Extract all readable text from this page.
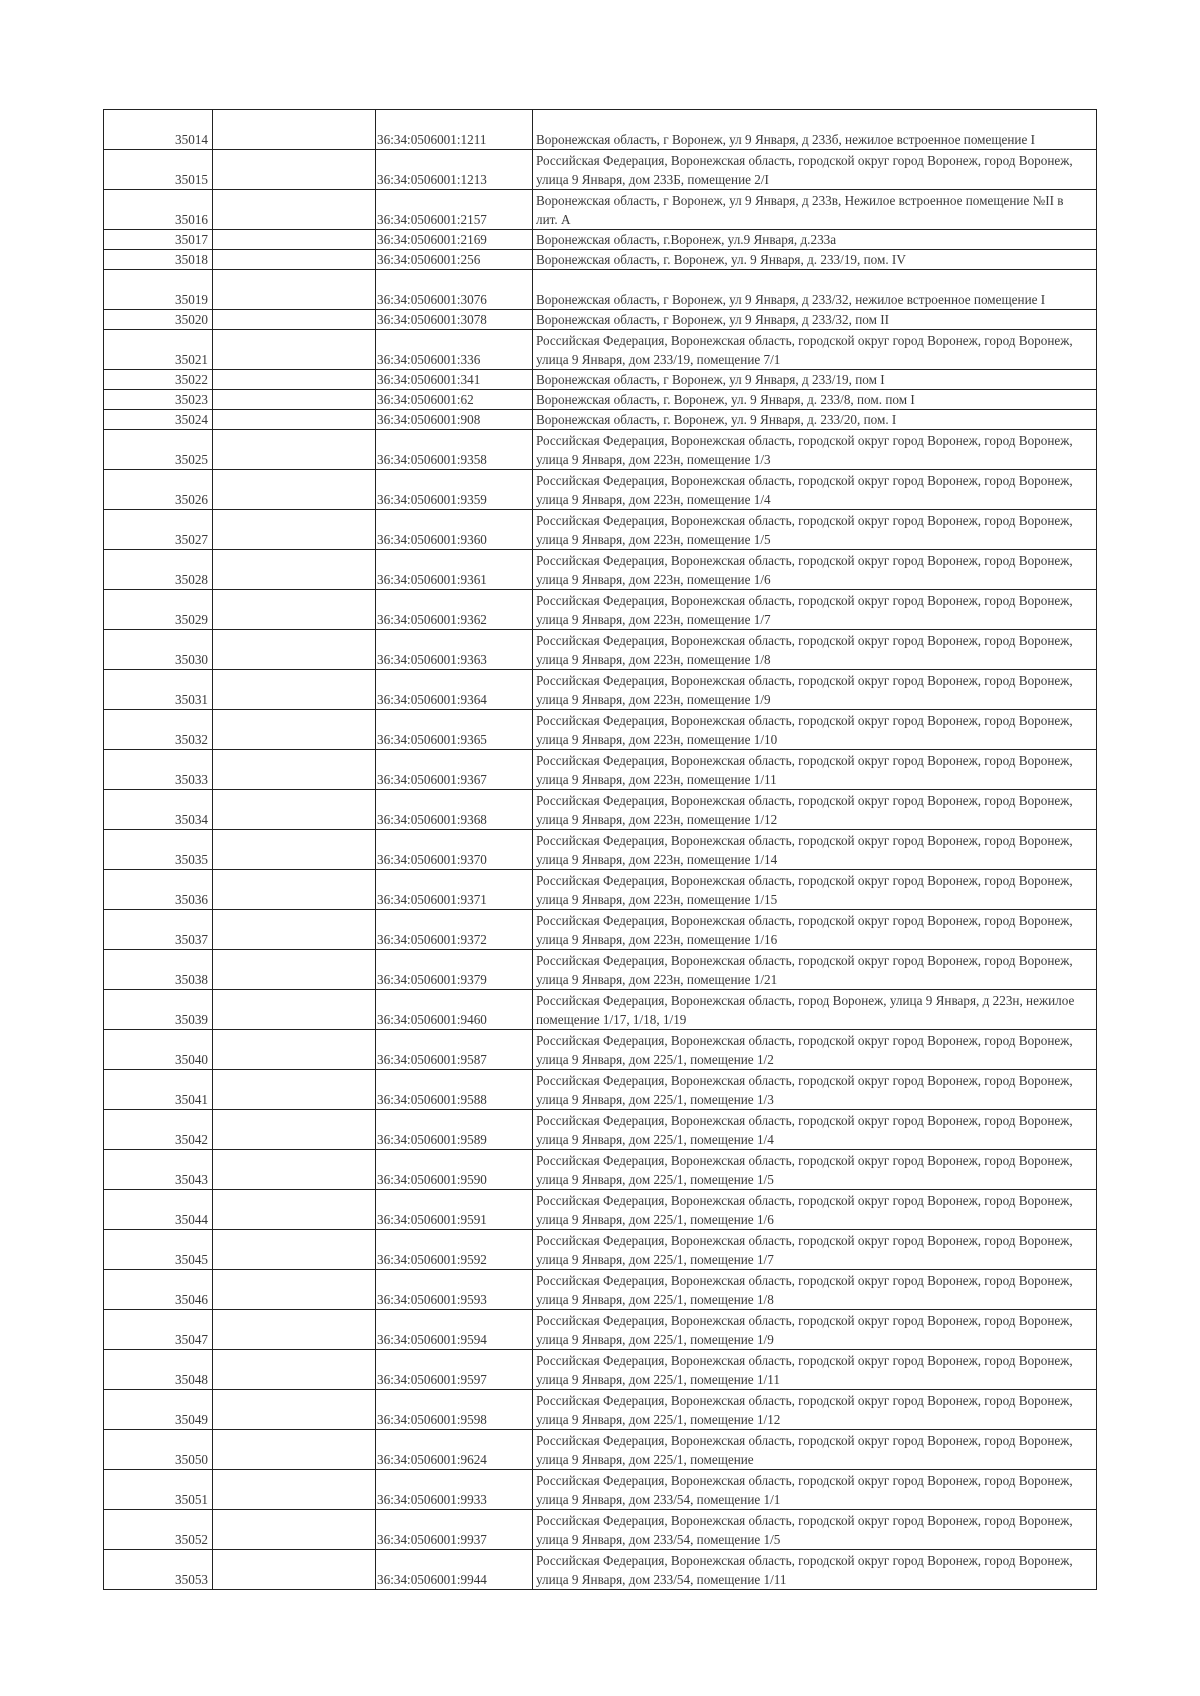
35014		36:34:0506001:1211	Воронежская область, г Воронеж, ул 9 Января, д 233б, нежилое встроенное помещение I
35015		36:34:0506001:1213	Российская Федерация, Воронежская область, городской округ город Воронеж, город Воронеж, улица 9 Января, дом 233Б, помещение 2/I
35016		36:34:0506001:2157	Воронежская область, г Воронеж, ул 9 Января, д 233в, Нежилое встроенное помещение №II в лит. А
35017		36:34:0506001:2169	Воронежская область, г.Воронеж, ул.9 Января, д.233а
35018		36:34:0506001:256	Воронежская область, г. Воронеж, ул. 9 Января, д. 233/19, пом. IV
35019		36:34:0506001:3076	Воронежская область, г Воронеж, ул 9 Января, д 233/32, нежилое встроенное помещение I
35020		36:34:0506001:3078	Воронежская область, г Воронеж, ул 9 Января, д 233/32, пом II
35021		36:34:0506001:336	Российская Федерация, Воронежская область, городской округ город Воронеж, город Воронеж, улица 9 Января, дом 233/19, помещение 7/1
35022		36:34:0506001:341	Воронежская область, г Воронеж, ул 9 Января, д 233/19, пом I
35023		36:34:0506001:62	Воронежская область, г. Воронеж, ул. 9 Января, д. 233/8, пом. пом I
35024		36:34:0506001:908	Воронежская область, г. Воронеж, ул. 9 Января, д. 233/20, пом. I
35025		36:34:0506001:9358	Российская Федерация, Воронежская область, городской округ город Воронеж, город Воронеж, улица 9 Января, дом 223н, помещение 1/3
35026		36:34:0506001:9359	Российская Федерация, Воронежская область, городской округ город Воронеж, город Воронеж, улица 9 Января, дом 223н, помещение 1/4
35027		36:34:0506001:9360	Российская Федерация, Воронежская область, городской округ город Воронеж, город Воронеж, улица 9 Января, дом 223н, помещение 1/5
35028		36:34:0506001:9361	Российская Федерация, Воронежская область, городской округ город Воронеж, город Воронеж, улица 9 Января, дом 223н, помещение 1/6
35029		36:34:0506001:9362	Российская Федерация, Воронежская область, городской округ город Воронеж, город Воронеж, улица 9 Января, дом 223н, помещение 1/7
35030		36:34:0506001:9363	Российская Федерация, Воронежская область, городской округ город Воронеж, город Воронеж, улица 9 Января, дом 223н, помещение 1/8
35031		36:34:0506001:9364	Российская Федерация, Воронежская область, городской округ город Воронеж, город Воронеж, улица 9 Января, дом 223н, помещение 1/9
35032		36:34:0506001:9365	Российская Федерация, Воронежская область, городской округ город Воронеж, город Воронеж, улица 9 Января, дом 223н, помещение 1/10
35033		36:34:0506001:9367	Российская Федерация, Воронежская область, городской округ город Воронеж, город Воронеж, улица 9 Января, дом 223н, помещение 1/11
35034		36:34:0506001:9368	Российская Федерация, Воронежская область, городской округ город Воронеж, город Воронеж, улица 9 Января, дом 223н, помещение 1/12
35035		36:34:0506001:9370	Российская Федерация, Воронежская область, городской округ город Воронеж, город Воронеж, улица 9 Января, дом 223н, помещение 1/14
35036		36:34:0506001:9371	Российская Федерация, Воронежская область, городской округ город Воронеж, город Воронеж, улица 9 Января, дом 223н, помещение 1/15
35037		36:34:0506001:9372	Российская Федерация, Воронежская область, городской округ город Воронеж, город Воронеж, улица 9 Января, дом 223н, помещение 1/16
35038		36:34:0506001:9379	Российская Федерация, Воронежская область, городской округ город Воронеж, город Воронеж, улица 9 Января, дом 223н, помещение 1/21
35039		36:34:0506001:9460	Российская Федерация, Воронежская область, город Воронеж, улица 9 Января, д 223н, нежилое помещение 1/17, 1/18, 1/19
35040		36:34:0506001:9587	Российская Федерация, Воронежская область, городской округ город Воронеж, город Воронеж, улица 9 Января, дом 225/1, помещение 1/2
35041		36:34:0506001:9588	Российская Федерация, Воронежская область, городской округ город Воронеж, город Воронеж, улица 9 Января, дом 225/1, помещение 1/3
35042		36:34:0506001:9589	Российская Федерация, Воронежская область, городской округ город Воронеж, город Воронеж, улица 9 Января, дом 225/1, помещение 1/4
35043		36:34:0506001:9590	Российская Федерация, Воронежская область, городской округ город Воронеж, город Воронеж, улица 9 Января, дом 225/1, помещение 1/5
35044		36:34:0506001:9591	Российская Федерация, Воронежская область, городской округ город Воронеж, город Воронеж, улица 9 Января, дом 225/1, помещение 1/6
35045		36:34:0506001:9592	Российская Федерация, Воронежская область, городской округ город Воронеж, город Воронеж, улица 9 Января, дом 225/1, помещение 1/7
35046		36:34:0506001:9593	Российская Федерация, Воронежская область, городской округ город Воронеж, город Воронеж, улица 9 Января, дом 225/1, помещение 1/8
35047		36:34:0506001:9594	Российская Федерация, Воронежская область, городской округ город Воронеж, город Воронеж, улица 9 Января, дом 225/1, помещение 1/9
35048		36:34:0506001:9597	Российская Федерация, Воронежская область, городской округ город Воронеж, город Воронеж, улица 9 Января, дом 225/1, помещение 1/11
35049		36:34:0506001:9598	Российская Федерация, Воронежская область, городской округ город Воронеж, город Воронеж, улица 9 Января, дом 225/1, помещение 1/12
35050		36:34:0506001:9624	Российская Федерация, Воронежская область, городской округ город Воронеж, город Воронеж, улица 9 Января, дом 225/1, помещение
35051		36:34:0506001:9933	Российская Федерация, Воронежская область, городской округ город Воронеж, город Воронеж, улица 9 Января, дом 233/54, помещение 1/1
35052		36:34:0506001:9937	Российская Федерация, Воронежская область, городской округ город Воронеж, город Воронеж, улица 9 Января, дом 233/54, помещение 1/5
35053		36:34:0506001:9944	Российская Федерация, Воронежская область, городской округ город Воронеж, город Воронеж, улица 9 Января, дом 233/54, помещение 1/11
